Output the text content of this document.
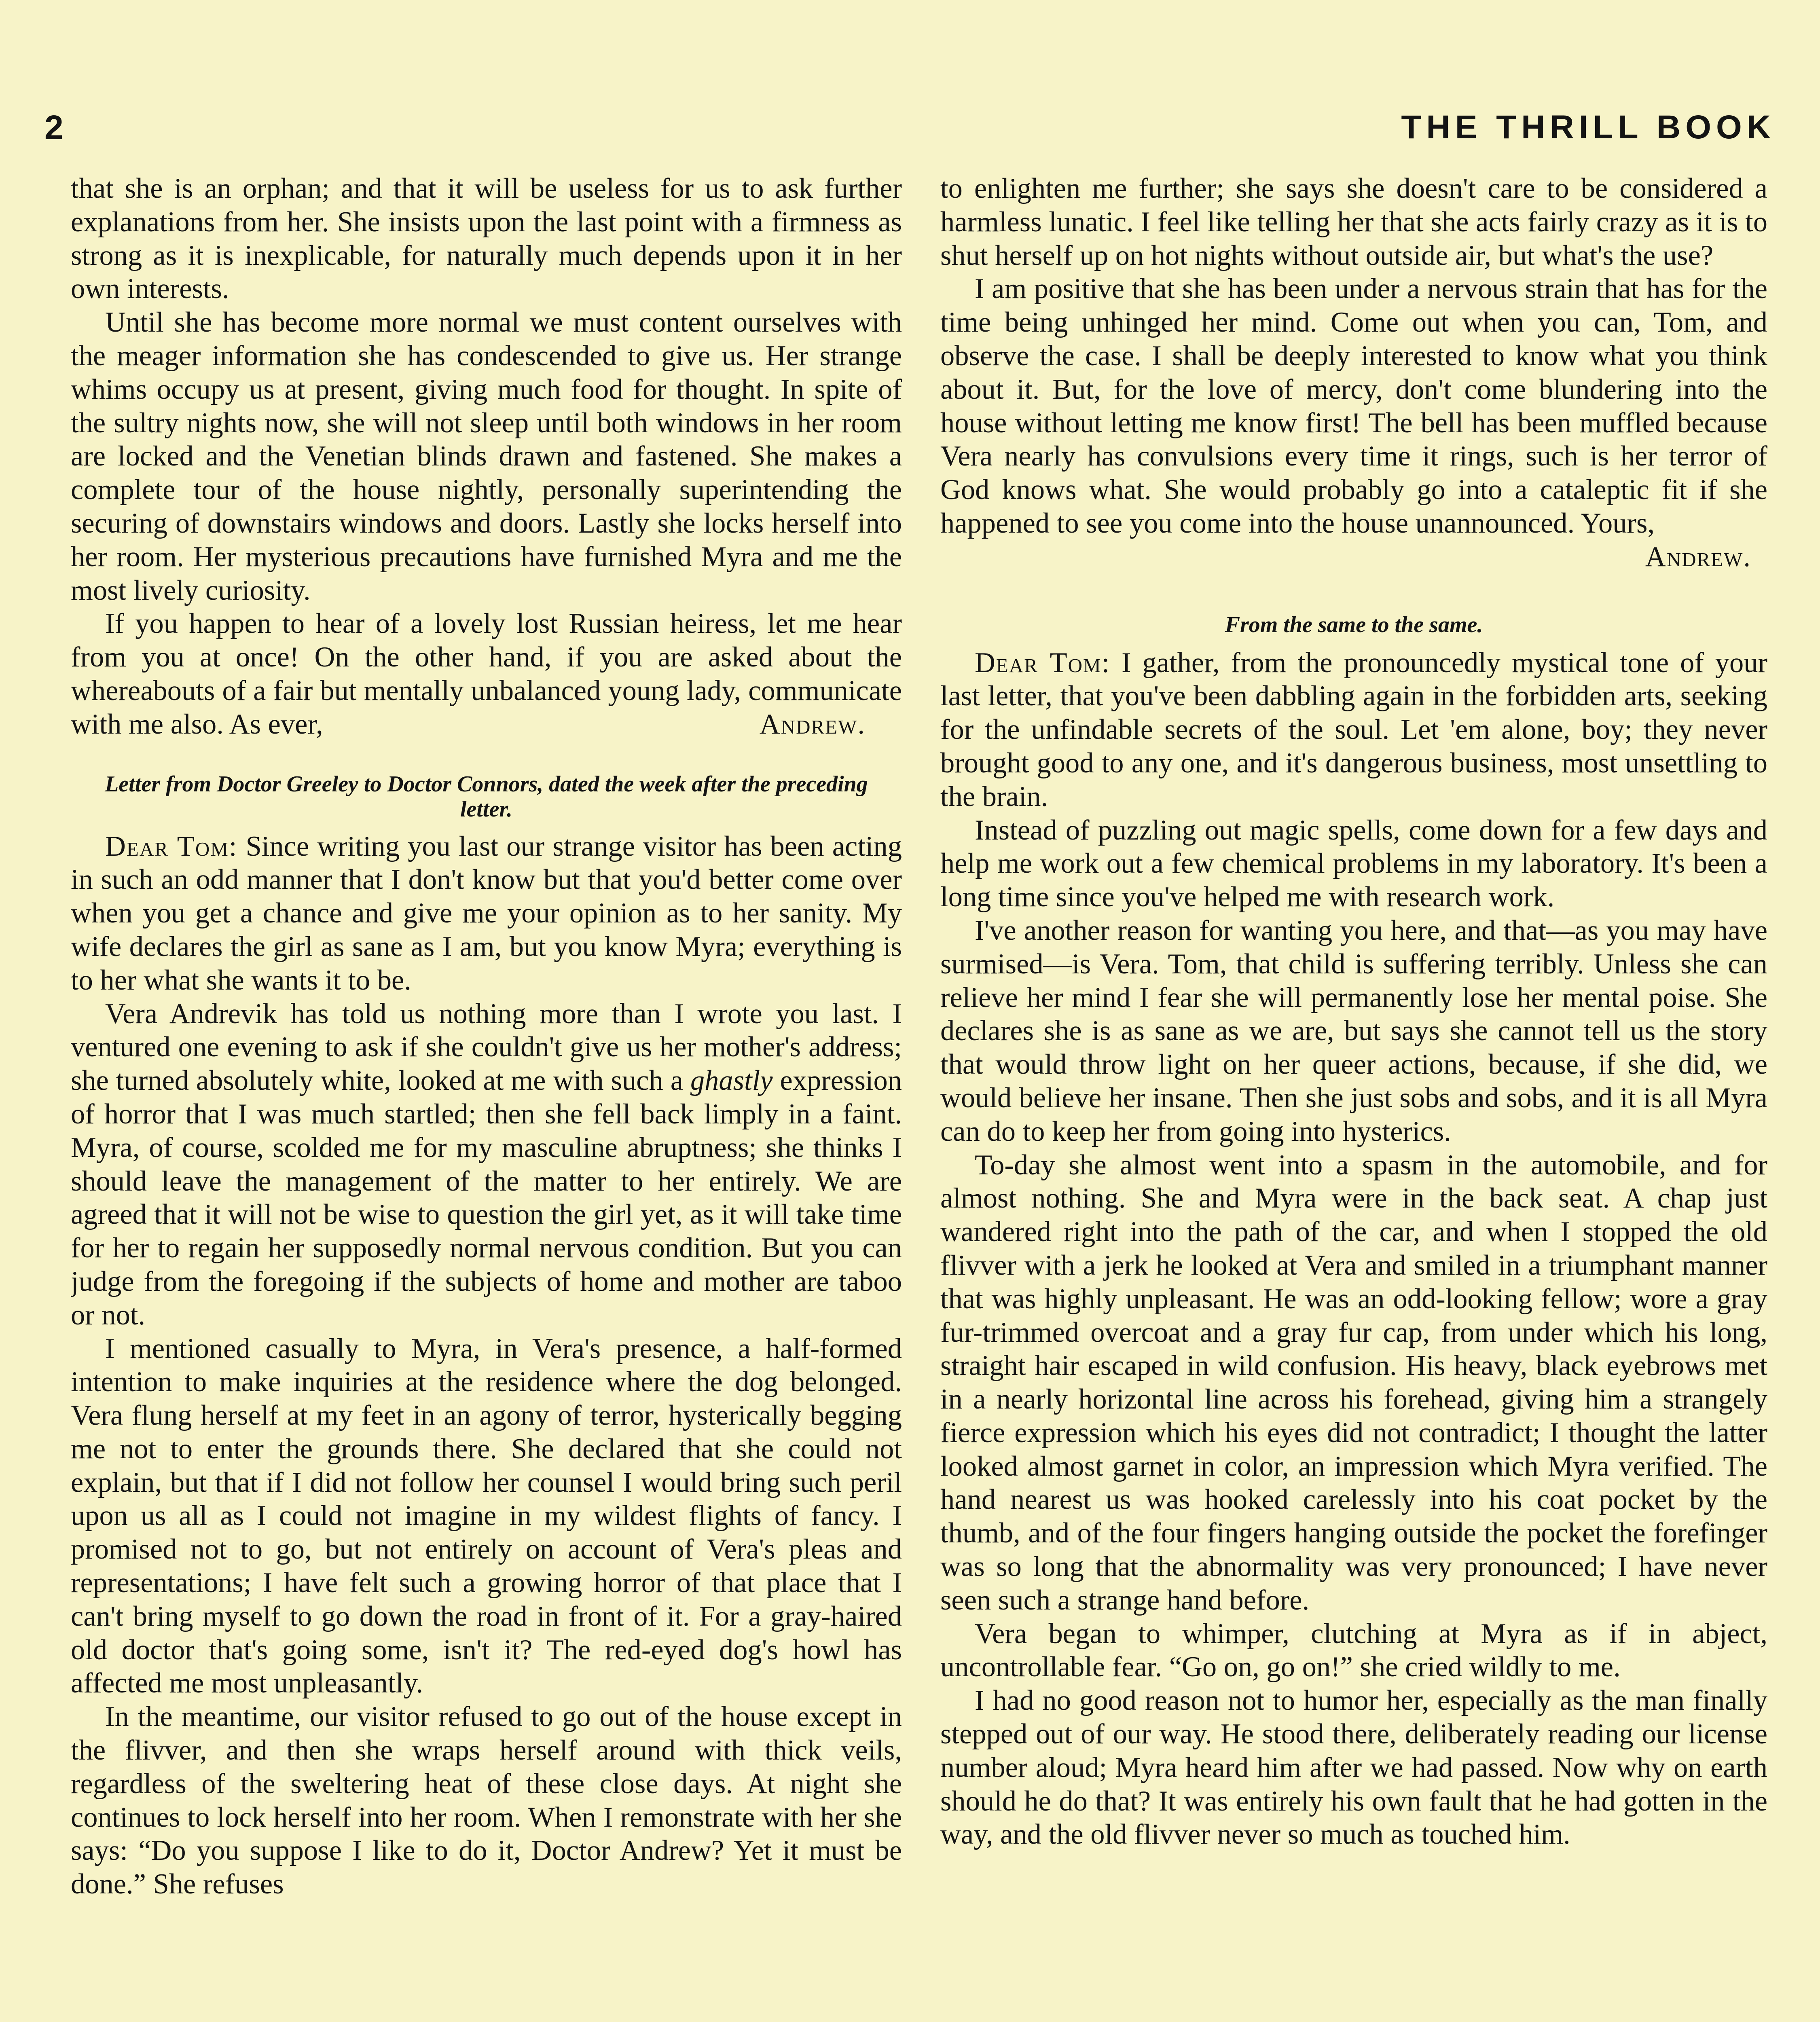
2	THE THRILL BOOK

that she is an orphan; and that it will be useless for us to ask further explanations from her. She insists upon the last point with a firmness as strong as it is inexplicable, for naturally much depends upon it in her own interests.

Until she has become more normal we must content ourselves with the meager information she has condescended to give us. Her strange whims occupy us at present, giving much food for thought. In spite of the sultry nights now, she will not sleep until both windows in her room are locked and the Venetian blinds drawn and fastened. She makes a complete tour of the house nightly, personally superintending the securing of downstairs windows and doors. Lastly she locks herself into her room. Her mysterious precautions have furnished Myra and me the most lively curiosity.

If you happen to hear of a lovely lost Russian heiress, let me hear from you at once! On the other hand, if you are asked about the whereabouts of a fair but mentally unbalanced young lady, communicate with me also. As ever,	Andrew.

Letter from Doctor Greeley to Doctor Connors, dated the week after the preceding letter.

Dear Tom: Since writing you last our strange visitor has been acting in such an odd manner that I don't know but that you'd better come over when you get a chance and give me your opinion as to her sanity. My wife declares the girl as sane as I am, but you know Myra; everything is to her what she wants it to be.

Vera Andrevik has told us nothing more than I wrote you last. I ventured one evening to ask if she couldn't give us her mother's address; she turned absolutely white, looked at me with such a ghastly expression of horror that I was much startled; then she fell back limply in a faint. Myra, of course, scolded me for my masculine abruptness; she thinks I should leave the management of the matter to her entirely. We are agreed that it will not be wise to question the girl yet, as it will take time for her to regain her supposedly normal nervous condition. But you can judge from the foregoing if the subjects of home and mother are taboo or not.

I mentioned casually to Myra, in Vera's presence, a half-formed intention to make inquiries at the residence where the dog belonged. Vera flung herself at my feet in an agony of terror, hysterically begging me not to enter the grounds there. She declared that she could not explain, but that if I did not follow her counsel I would bring such peril upon us all as I could not imagine in my wildest flights of fancy. I promised not to go, but not entirely on account of Vera's pleas and representations; I have felt such a growing horror of that place that I can't bring myself to go down the road in front of it. For a gray-haired old doctor that's going some, isn't it? The red-eyed dog's howl has affected me most unpleasantly.

In the meantime, our visitor refused to go out of the house except in the flivver, and then she wraps herself around with thick veils, regardless of the sweltering heat of these close days. At night she continues to lock herself into her room. When I remonstrate with her she says: “Do you suppose I like to do it, Doctor Andrew? Yet it must be done.” She refuses

to enlighten me further; she says she doesn't care to be considered a harmless lunatic. I feel like telling her that she acts fairly crazy as it is to shut herself up on hot nights without outside air, but what's the use?

I am positive that she has been under a nervous strain that has for the time being unhinged her mind. Come out when you can, Tom, and observe the case. I shall be deeply interested to know what you think about it. But, for the love of mercy, don't come blundering into the house without letting me know first! The bell has been muffled because Vera nearly has convulsions every time it rings, such is her terror of God knows what. She would probably go into a cataleptic fit if she happened to see you come into the house unannounced. Yours,
Andrew.

From the same to the same.

Dear Tom: I gather, from the pronouncedly mystical tone of your last letter, that you've been dabbling again in the forbidden arts, seeking for the unfindable secrets of the soul. Let 'em alone, boy; they never brought good to any one, and it's dangerous business, most unsettling to the brain.

Instead of puzzling out magic spells, come down for a few days and help me work out a few chemical problems in my laboratory. It's been a long time since you've helped me with research work.

I've another reason for wanting you here, and that—as you may have surmised—is Vera. Tom, that child is suffering terribly. Unless she can relieve her mind I fear she will permanently lose her mental poise. She declares she is as sane as we are, but says she cannot tell us the story that would throw light on her queer actions, because, if she did, we would believe her insane. Then she just sobs and sobs, and it is all Myra can do to keep her from going into hysterics.

To-day she almost went into a spasm in the automobile, and for almost nothing. She and Myra were in the back seat. A chap just wandered right into the path of the car, and when I stopped the old flivver with a jerk he looked at Vera and smiled in a triumphant manner that was highly unpleasant. He was an odd-looking fellow; wore a gray fur-trimmed overcoat and a gray fur cap, from under which his long, straight hair escaped in wild confusion. His heavy, black eyebrows met in a nearly horizontal line across his forehead, giving him a strangely fierce expression which his eyes did not contradict; I thought the latter looked almost garnet in color, an impression which Myra verified. The hand nearest us was hooked carelessly into his coat pocket by the thumb, and of the four fingers hanging outside the pocket the forefinger was so long that the abnormality was very pronounced; I have never seen such a strange hand before.

Vera began to whimper, clutching at Myra as if in abject, uncontrollable fear. “Go on, go on!” she cried wildly to me.

I had no good reason not to humor her, especially as the man finally stepped out of our way. He stood there, deliberately reading our license number aloud; Myra heard him after we had passed. Now why on earth should he do that? It was entirely his own fault that he had gotten in the way, and the old flivver never so much as touched him.
